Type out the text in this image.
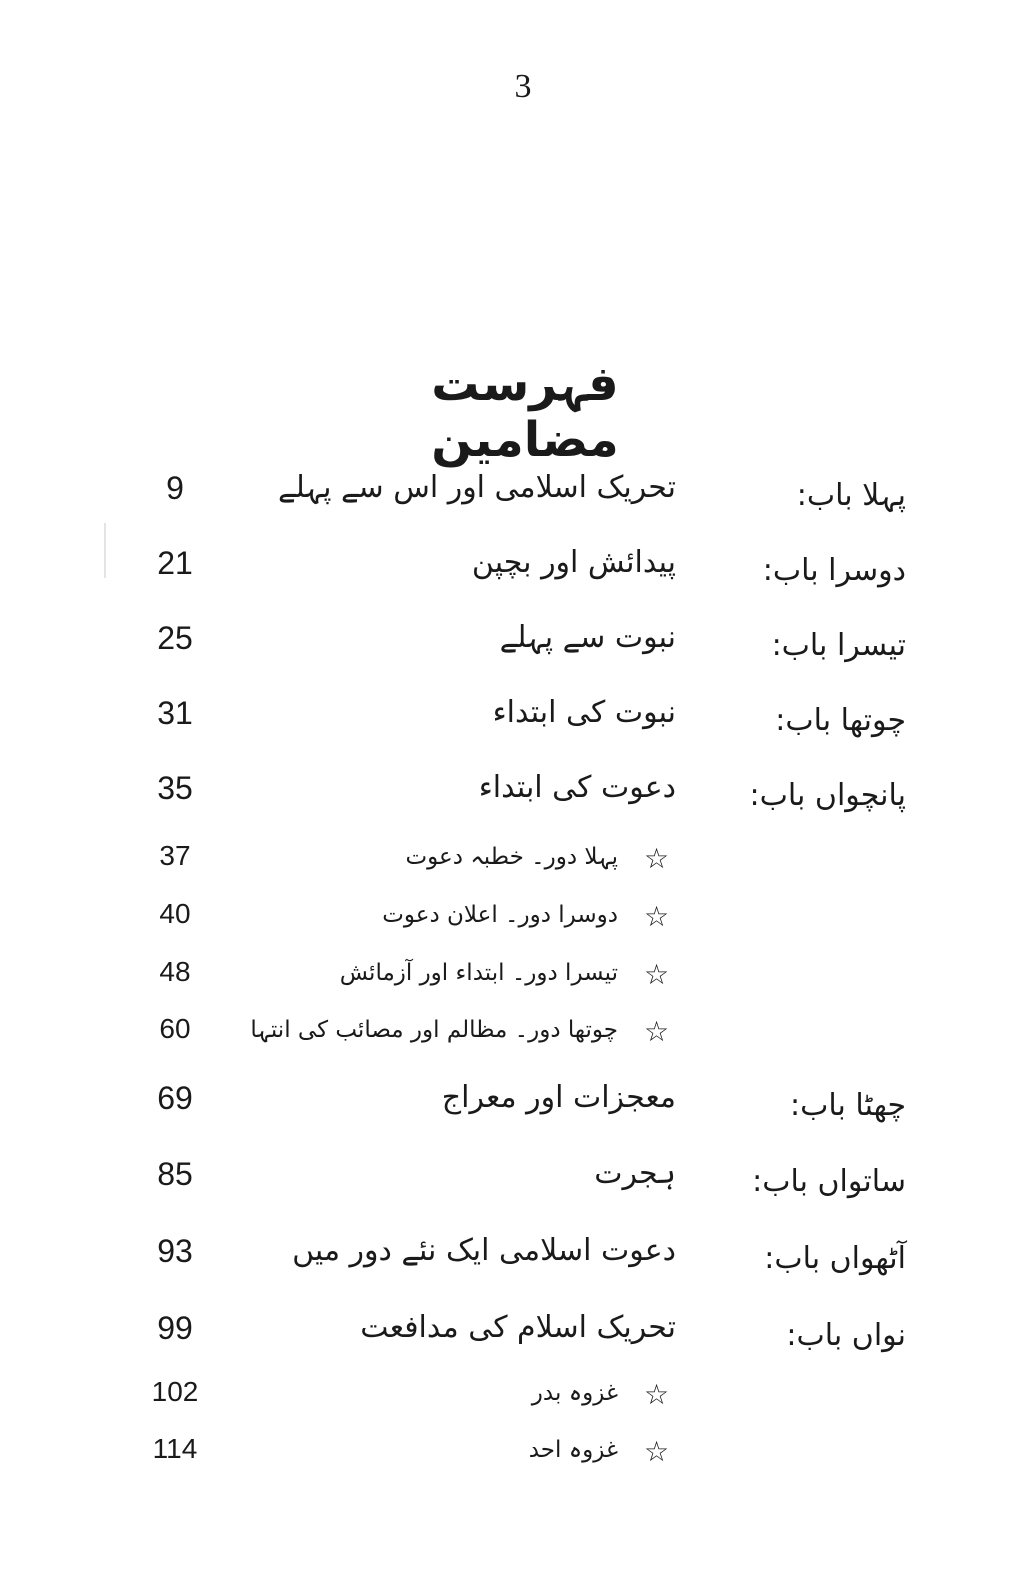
3
فہرست مضامین
9	تحریک اسلامی اور اس سے پہلے	پہلا باب:
21	پیدائش اور بچپن	دوسرا باب:
25	نبوت سے پہلے	تیسرا باب:
31	نبوت کی ابتداء	چوتھا باب:
35	دعوت کی ابتداء	پانچواں باب:
37	پہلا دور۔ خطبہ دعوت ☆
40	دوسرا دور۔ اعلان دعوت ☆
48	تیسرا دور۔ ابتداء اور آزمائش ☆
60	چوتھا دور۔ مظالم اور مصائب کی انتہا ☆
69	معجزات اور معراج	چھٹا باب:
85	ہجرت	ساتواں باب:
93	دعوت اسلامی ایک نئے دور میں	آٹھواں باب:
99	تحریک اسلام کی مدافعت	نواں باب:
102	غزوہ بدر ☆
114	غزوہ احد ☆
